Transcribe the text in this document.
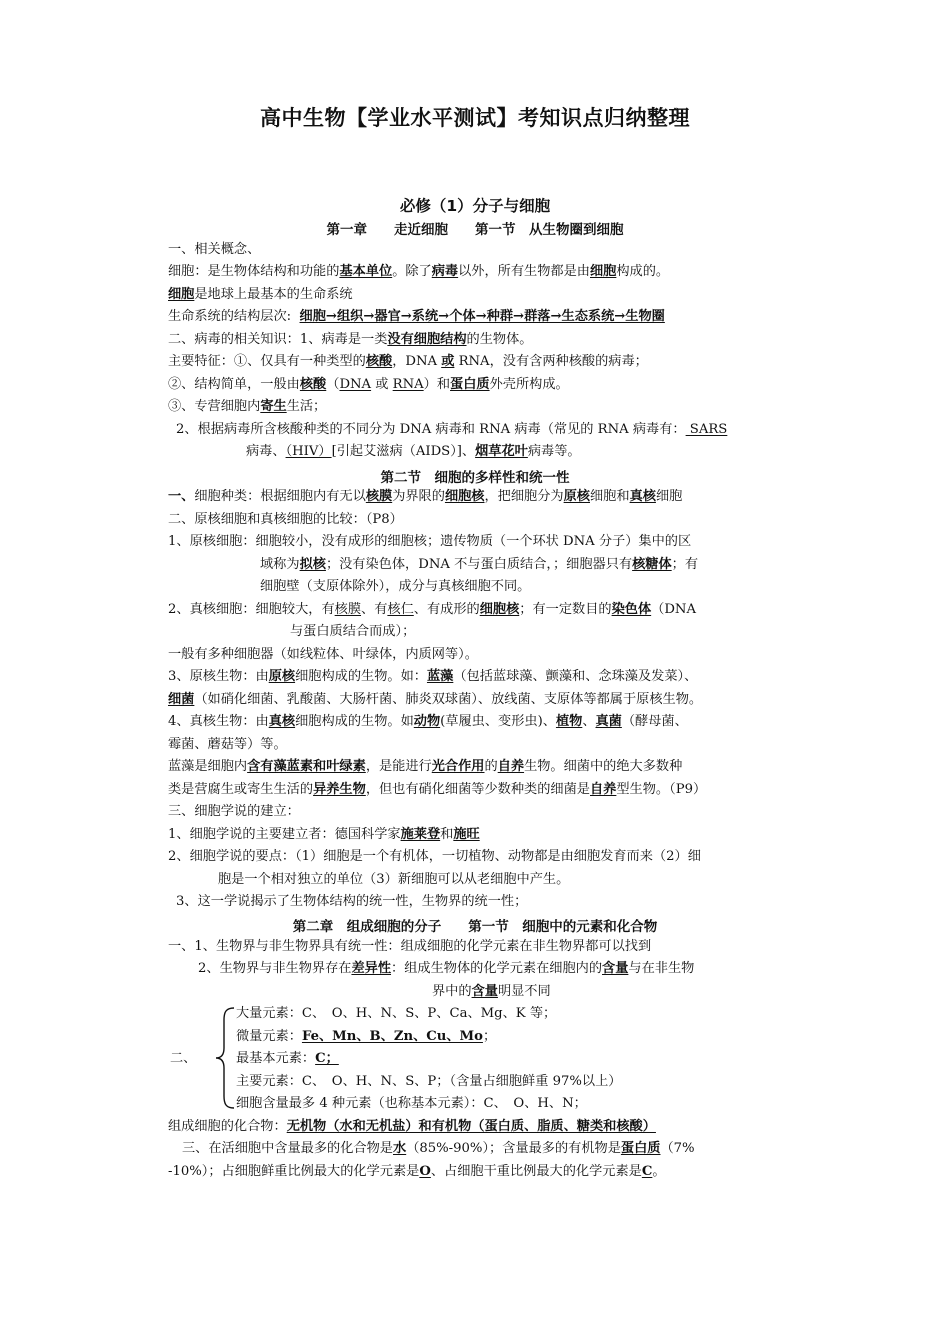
高中生物【学业水平测试】考知识点归纳整理
必修（1）分子与细胞
第一章　　走近细胞　　第一节　从生物圈到细胞
一、相关概念、
细胞：是生物体结构和功能的基本单位。除了病毒以外，所有生物都是由细胞构成的。
细胞是地球上最基本的生命系统
生命系统的结构层次: 细胞→组织→器官→系统→个体→种群→群落→生态系统→生物圈
二、病毒的相关知识：1、病毒是一类没有细胞结构的生物体。
主要特征：①、仅具有一种类型的核酸，DNA 或 RNA，没有含两种核酸的病毒；
②、结构简单，一般由核酸（DNA 或 RNA）和蛋白质外壳所构成。
③、专营细胞内寄生生活；
2、根据病毒所含核酸种类的不同分为 DNA 病毒和 RNA 病毒（常见的 RNA 病毒有： SARS
病毒、（HIV）[引起艾滋病（AIDS）]、烟草花叶病毒等。
第二节　细胞的多样性和统一性
一、细胞种类：根据细胞内有无以核膜为界限的细胞核，把细胞分为原核细胞和真核细胞
二、原核细胞和真核细胞的比较：（P8）
1、原核细胞：细胞较小，没有成形的细胞核；遗传物质（一个环状 DNA 分子）集中的区
域称为拟核；没有染色体，DNA 不与蛋白质结合，；细胞器只有核糖体；有
细胞壁（支原体除外），成分与真核细胞不同。
2、真核细胞：细胞较大，有核膜、有核仁、有成形的细胞核；有一定数目的染色体（DNA
与蛋白质结合而成）；
一般有多种细胞器（如线粒体、叶绿体，内质网等）。
3、原核生物：由原核细胞构成的生物。如：蓝藻（包括蓝球藻、颤藻和、念珠藻及发菜）、
细菌（如硝化细菌、乳酸菌、大肠杆菌、肺炎双球菌）、放线菌、支原体等都属于原核生物。
4、真核生物：由真核细胞构成的生物。如动物(草履虫、变形虫)、植物、真菌（酵母菌、
霉菌、蘑菇等）等。
蓝藻是细胞内含有藻蓝素和叶绿素，是能进行光合作用的自养生物。细菌中的绝大多数种
类是营腐生或寄生生活的异养生物，但也有硝化细菌等少数种类的细菌是自养型生物。（P9）
三、细胞学说的建立：
1、细胞学说的主要建立者：德国科学家施莱登和施旺
2、细胞学说的要点：（1）细胞是一个有机体，一切植物、动物都是由细胞发育而来（2）细
胞是一个相对独立的单位（3）新细胞可以从老细胞中产生。
3、这一学说揭示了生物体结构的统一性，生物界的统一性；
第二章　组成细胞的分子　　第一节　细胞中的元素和化合物
一、1、生物界与非生物界具有统一性：组成细胞的化学元素在非生物界都可以找到
2、生物界与非生物界存在差异性：组成生物体的化学元素在细胞内的含量与在非生物
界中的含量明显不同
大量元素：C、　O、H、N、S、P、Ca、Mg、K 等；
微量元素：Fe、Mn、B、Zn、Cu、Mo；
二、	最基本元素：C；
主要元素：C、　O、H、N、S、P；（含量占细胞鲜重 97%以上）
细胞含量最多 4 种元素（也称基本元素）：C、　O、H、N；
组成细胞的化合物：无机物（水和无机盐）和有机物（蛋白质、脂质、糖类和核酸）
三、在活细胞中含量最多的化合物是水（85%-90%）；含量最多的有机物是蛋白质（7%
-10%）；占细胞鲜重比例最大的化学元素是O、占细胞干重比例最大的化学元素是C。
